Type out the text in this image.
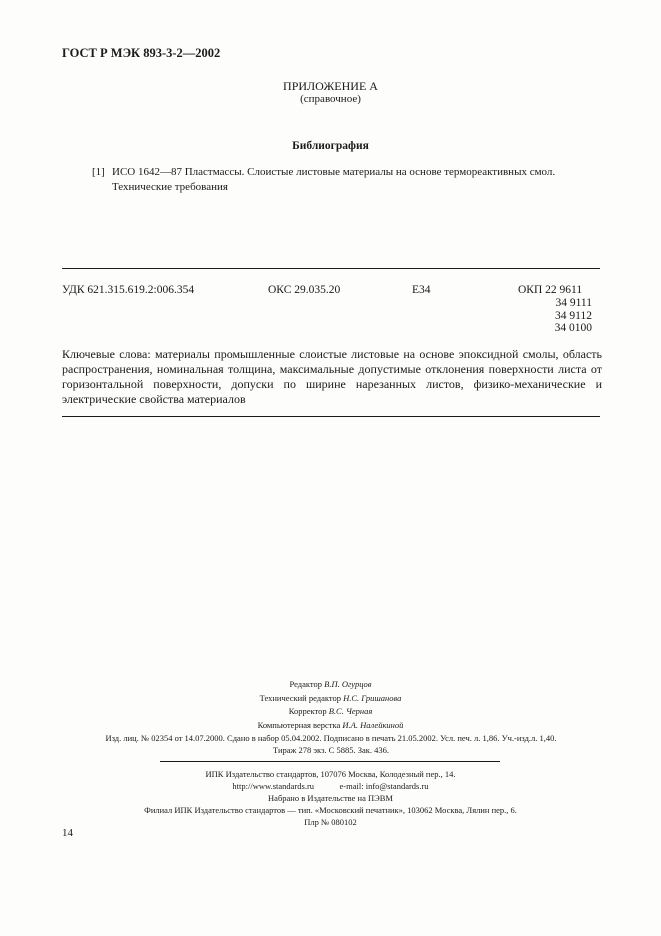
ГОСТ Р МЭК 893-3-2—2002
ПРИЛОЖЕНИЕ А
(справочное)
Библиография
[1] ИСО 1642—87 Пластмассы. Слоистые листовые материалы на основе термореактивных смол. Технические требования
УДК 621.315.619.2:006.354	ОКС 29.035.20	Е34	ОКП 22 9611
34 9111
34 9112
34 0100
Ключевые слова: материалы промышленные слоистые листовые на основе эпоксидной смолы, область распространения, номинальная толщина, максимальные допустимые отклонения поверхности листа от горизонтальной поверхности, допуски по ширине нарезанных листов, физико-механические и электрические свойства материалов
Редактор В.П. Огурцов
Технический редактор Н.С. Гришанова
Корректор В.С. Черная
Компьютерная верстка И.А. Налейкиной
Изд. лиц. № 02354 от 14.07.2000. Сдано в набор 05.04.2002. Подписано в печать 21.05.2002. Усл. печ. л. 1,86. Уч.-изд.л. 1,40.
Тираж 278 экз. С 5885. Зак. 436.
ИПК Издательство стандартов, 107076 Москва, Колодезный пер., 14.
http://www.standards.ru	e-mail: info@standards.ru
Набрано в Издательстве на ПЭВМ
Филиал ИПК Издательство стандартов — тип. «Московский печатник», 103062 Москва, Лялин пер., 6.
Плр № 080102
14
